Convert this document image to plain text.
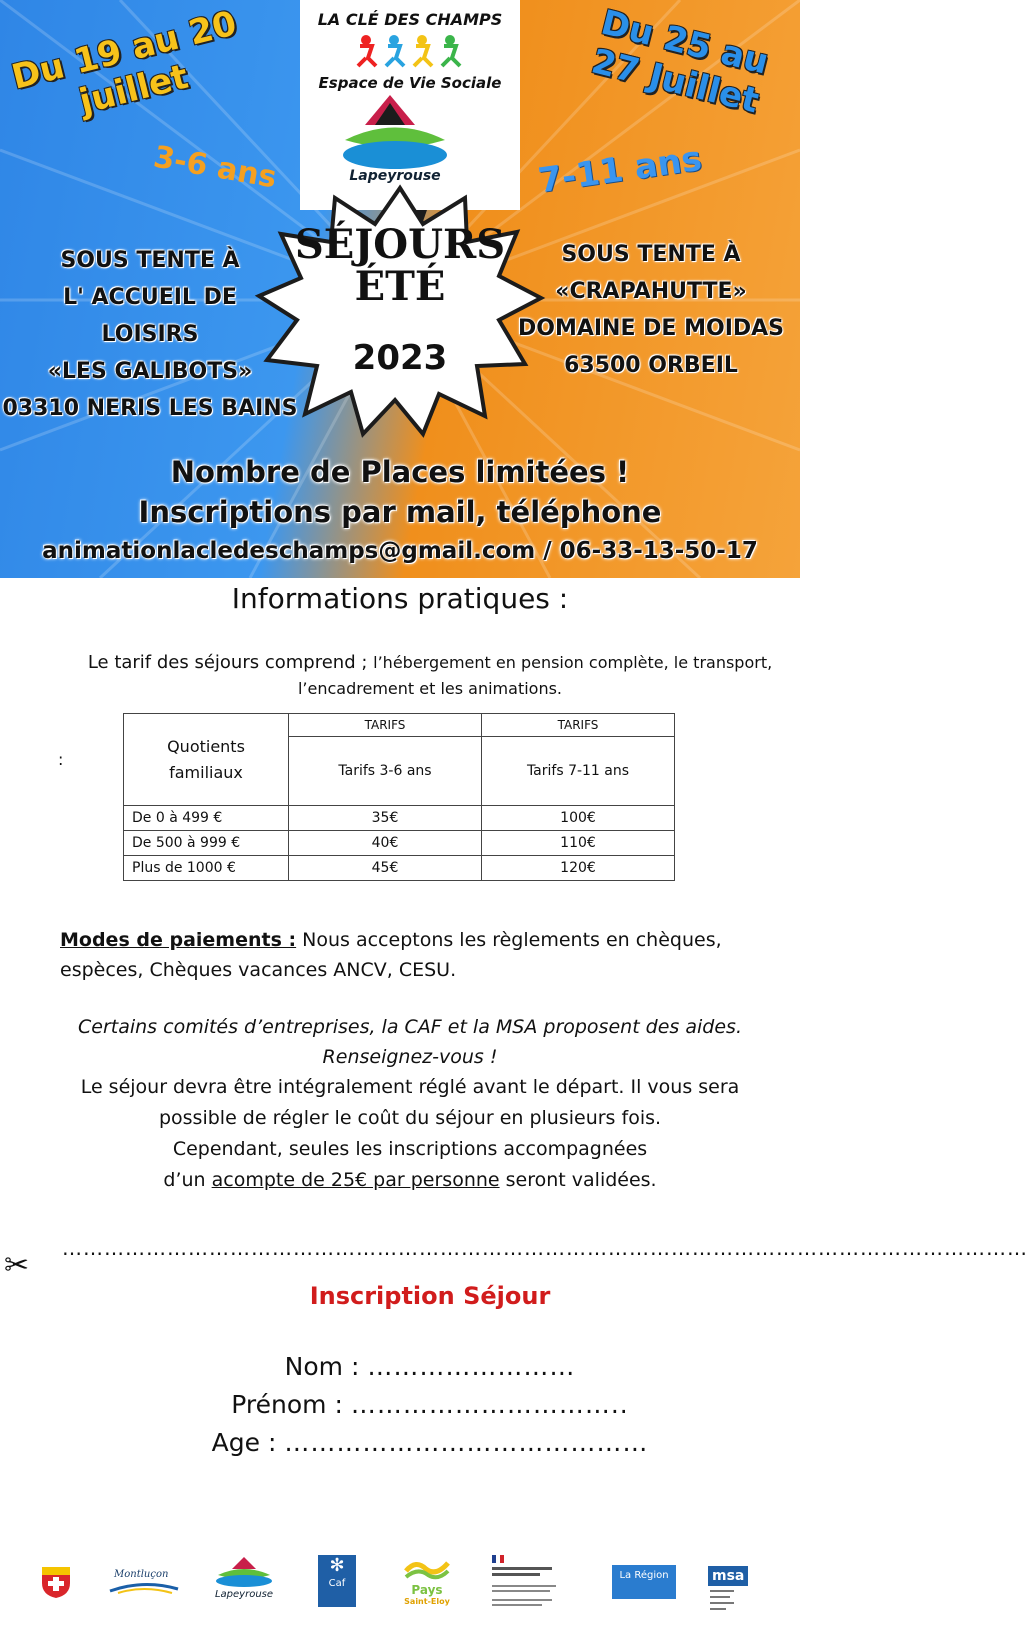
LA CLÉ DES CHAMPS
Espace de Vie Sociale
Lapeyrouse
Du 19 au 20 juillet
Du 25 au 27 Juillet
3-6 ans	7-11 ans
SOUS TENTE À
L' ACCUEIL DE
LOISIRS
«LES GALIBOTS»
03310 NERIS LES BAINS
SOUS TENTE À
«CRAPAHUTTE»
DOMAINE DE MOIDAS
63500 ORBEIL
SÉJOURS
ÉTÉ
2023
Nombre de Places limitées !
Inscriptions par mail, téléphone
animationlacledeschamps@gmail.com / 06-33-13-50-17
Informations pratiques :
Le tarif des séjours comprend ; l’hébergement en pension complète, le transport,
l’encadrement et les animations.
:
Quotients familiaux	TARIFS	TARIFS
	Tarifs 3-6 ans	Tarifs 7-11 ans
De 0 à 499 €	35€	100€
De 500 à 999 €	40€	110€
Plus de 1000 €	45€	120€
Modes de paiements : Nous acceptons les règlements en chèques, espèces, Chèques vacances ANCV, CESU.
Certains comités d’entreprises, la CAF et la MSA proposent des aides.
Renseignez-vous !
Le séjour devra être intégralement réglé avant le départ. Il vous sera
possible de régler le coût du séjour en plusieurs fois.
Cependant, seules les inscriptions accompagnées
d’un acompte de 25€ par personne seront validées.
✂ …………………………………………………………………………………………………………………………
Inscription Séjour
Nom : ……………………
Prénom : …………………………..
Age : ……………………………………
Montluçon
Lapeyrouse
✻
Caf	Pays
Saint-Eloy
La Région	msa
